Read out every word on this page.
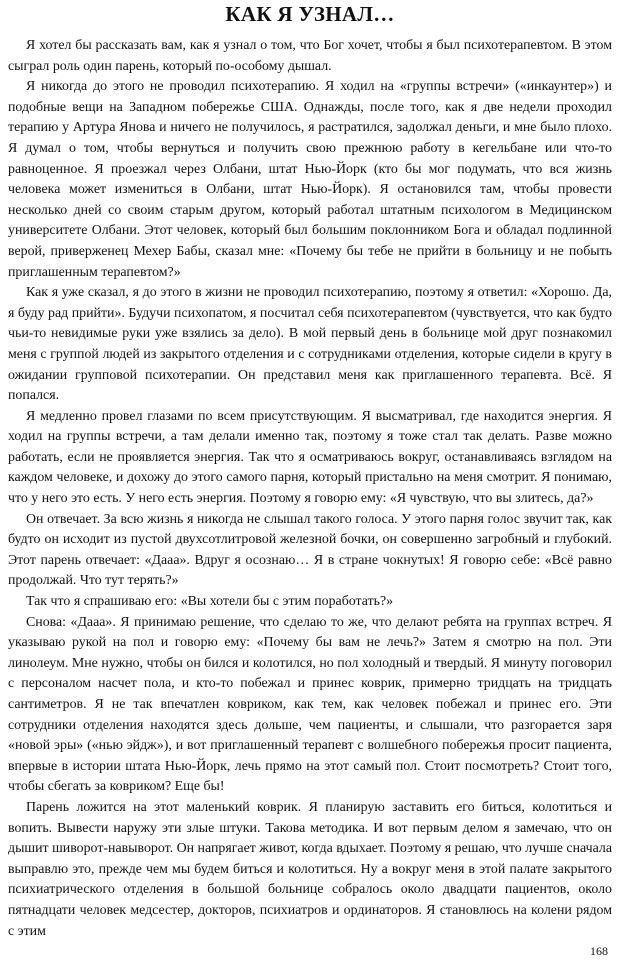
КАК Я УЗНАЛ…

Я хотел бы рассказать вам, как я узнал о том, что Бог хочет, чтобы я был психотерапевтом. В этом сыграл роль один парень, который по-особому дышал.

Я никогда до этого не проводил психотерапию. Я ходил на «группы встречи» («инкаунтер») и подобные вещи на Западном побережье США. Однажды, после того, как я две недели проходил терапию у Артура Янова и ничего не получилось, я растратился, задолжал деньги, и мне было плохо. Я думал о том, чтобы вернуться и получить свою прежнюю работу в кегельбане или что-то равноценное. Я проезжал через Олбани, штат Нью-Йорк (кто бы мог подумать, что вся жизнь человека может измениться в Олбани, штат Нью-Йорк). Я остановился там, чтобы провести несколько дней со своим старым другом, который работал штатным психологом в Медицинском университете Олбани. Этот человек, который был большим поклонником Бога и обладал подлинной верой, приверженец Мехер Бабы, сказал мне: «Почему бы тебе не прийти в больницу и не побыть приглашенным терапевтом?»

Как я уже сказал, я до этого в жизни не проводил психотерапию, поэтому я ответил: «Хорошо. Да, я буду рад прийти». Будучи психопатом, я посчитал себя психотерапевтом (чувствуется, что как будто чьи-то невидимые руки уже взялись за дело). В мой первый день в больнице мой друг познакомил меня с группой людей из закрытого отделения и с сотрудниками отделения, которые сидели в кругу в ожидании групповой психотерапии. Он представил меня как приглашенного терапевта. Всё. Я попался.

Я медленно провел глазами по всем присутствующим. Я высматривал, где находится энергия. Я ходил на группы встречи, а там делали именно так, поэтому я тоже стал так делать. Разве можно работать, если не проявляется энергия. Так что я осматриваюсь вокруг, останавливаясь взглядом на каждом человеке, и дохожу до этого самого парня, который пристально на меня смотрит. Я понимаю, что у него это есть. У него есть энергия. Поэтому я говорю ему: «Я чувствую, что вы злитесь, да?»

Он отвечает. За всю жизнь я никогда не слышал такого голоса. У этого парня голос звучит так, как будто он исходит из пустой двухсотлитровой железной бочки, он совершенно загробный и глубокий. Этот парень отвечает: «Дааа». Вдруг я осознаю… Я в стране чокнутых! Я говорю себе: «Всё равно продолжай. Что тут терять?»

Так что я спрашиваю его: «Вы хотели бы с этим поработать?»

Снова: «Дааа». Я принимаю решение, что сделаю то же, что делают ребята на группах встреч. Я указываю рукой на пол и говорю ему: «Почему бы вам не лечь?» Затем я смотрю на пол. Эти линолеум. Мне нужно, чтобы он бился и колотился, но пол холодный и твердый. Я минуту поговорил с персоналом насчет пола, и кто-то побежал и принес коврик, примерно тридцать на тридцать сантиметров. Я не так впечатлен ковриком, как тем, как человек побежал и принес его. Эти сотрудники отделения находятся здесь дольше, чем пациенты, и слышали, что разгорается заря «новой эры» («нью эйдж»), и вот приглашенный терапевт с волшебного побережья просит пациента, впервые в истории штата Нью-Йорк, лечь прямо на этот самый пол. Стоит посмотреть? Стоит того, чтобы сбегать за ковриком? Еще бы!

Парень ложится на этот маленький коврик. Я планирую заставить его биться, колотиться и вопить. Вывести наружу эти злые штуки. Такова методика. И вот первым делом я замечаю, что он дышит шиворот-навыворот. Он напрягает живот, когда вдыхает. Поэтому я решаю, что лучше сначала выправлю это, прежде чем мы будем биться и колотиться. Ну а вокруг меня в этой палате закрытого психиатрического отделения в большой больнице собралось около двадцати пациентов, около пятнадцати человек медсестер, докторов, психиатров и ординаторов. Я становлюсь на колени рядом с этим

168
